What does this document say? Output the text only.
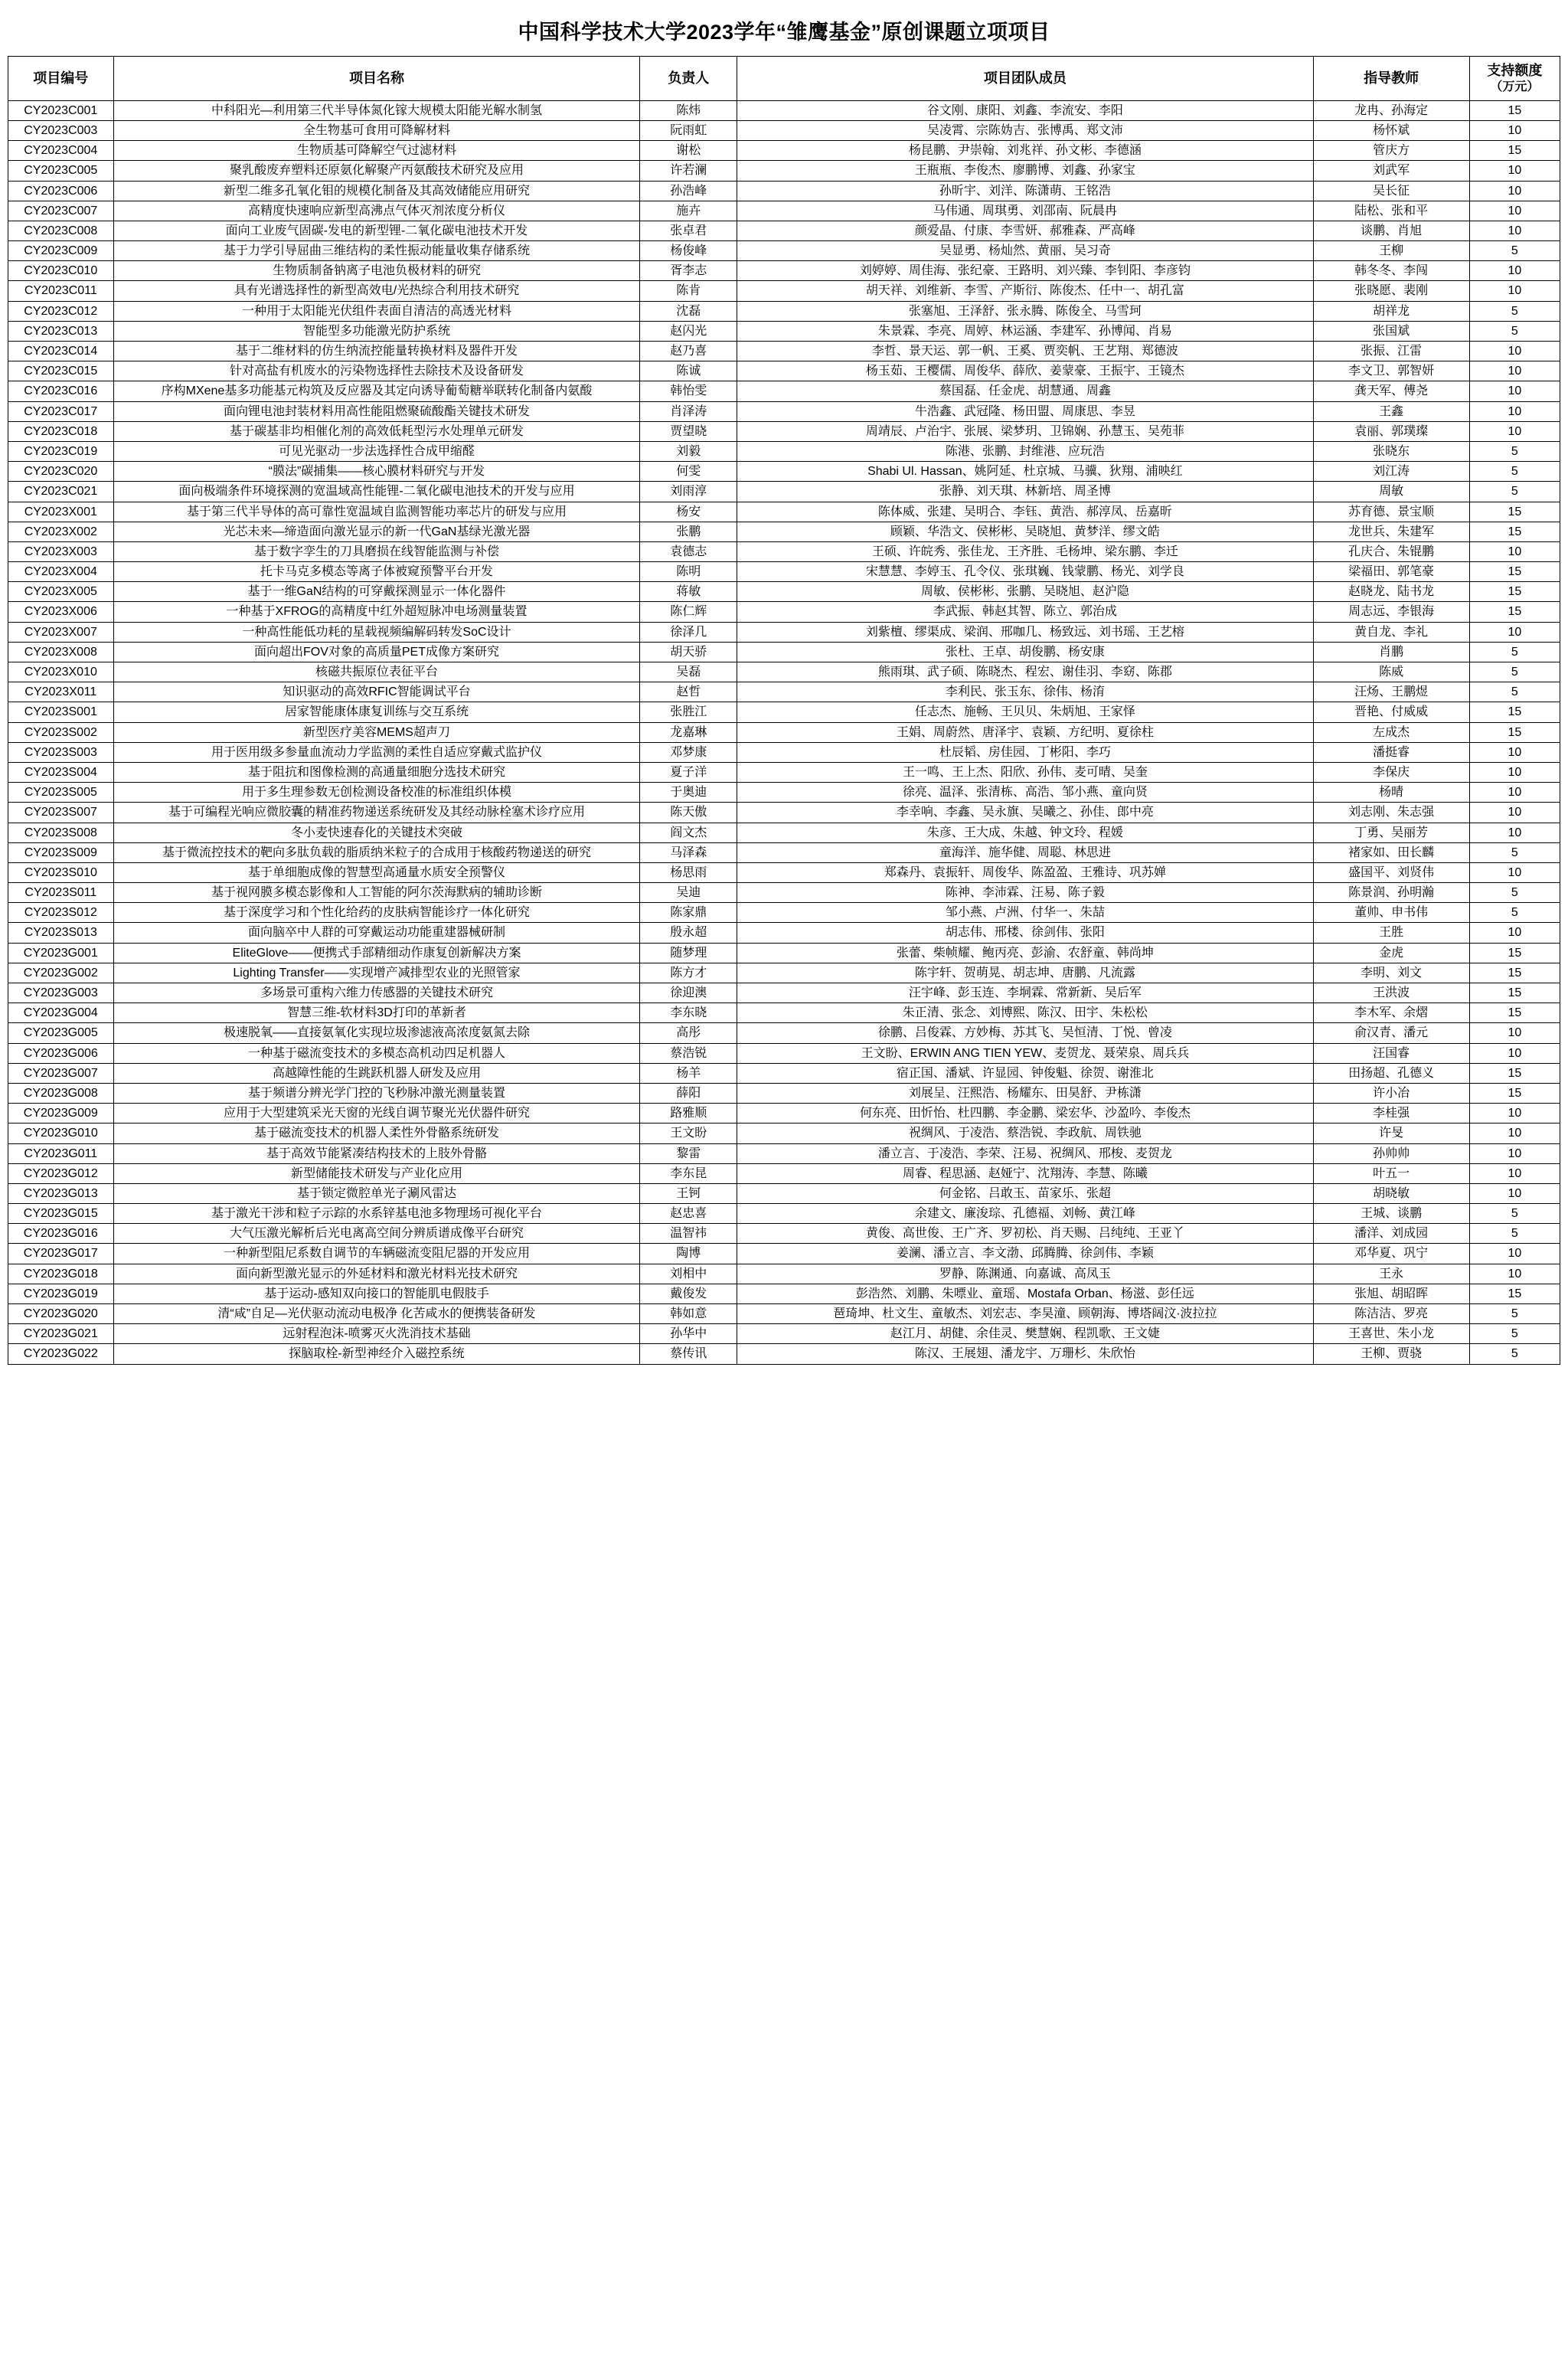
中国科学技术大学2023学年“雏鹰基金”原创课题立项项目
项目编号	项目名称	负责人	项目团队成员	指导教师	支持额度
（万元）

CY2023C001	中科阳光—利用第三代半导体氮化镓大规模太阳能光解水制氢	陈炜	谷文刚、康阳、刘鑫、李流安、李阳	龙冉、孙海定	15
CY2023C003	全生物基可食用可降解材料	阮雨虹	吴凌霄、宗陈妫吉、张博禹、郑文沛	杨怀斌	10
CY2023C004	生物质基可降解空气过滤材料	谢松	杨昆鹏、尹崇翰、刘兆祥、孙文彬、李德涵	管庆方	15
CY2023C005	聚乳酸废弃塑料还原氨化解聚产丙氨酸技术研究及应用	许若澜	王瓶瓶、李俊杰、廖鹏博、刘鑫、孙家宝	刘武军	10
CY2023C006	新型二维多孔氧化钼的规模化制备及其高效储能应用研究	孙浩峰	孙昕宇、刘洋、陈潇萌、王铭浩	吴长征	10
CY2023C007	高精度快速响应新型高沸点气体灭剂浓度分析仪	施卉	马伟通、周琪勇、刘邵南、阮晨冉	陆松、张和平	10
CY2023C008	面向工业废气固碳-发电的新型锂-二氧化碳电池技术开发	张卓君	颜爱晶、付康、李雪妍、郝雅森、严高峰	谈鹏、肖旭	10
CY2023C009	基于力学引导屈曲三维结构的柔性振动能量收集存储系统	杨俊峰	吴显勇、杨灿然、黄丽、吴习奇	王柳	5
CY2023C010	生物质制备钠离子电池负极材料的研究	胥李志	刘婷婷、周佳海、张纪豪、王路明、刘兴臻、李钊阳、李彦钧	韩冬冬、李闯	10
CY2023C011	具有光谱选择性的新型高效电/光热综合利用技术研究	陈肯	胡天祥、刘维新、李雪、产斯衍、陈俊杰、任中一、胡孔富	张晓愿、裴刚	10
CY2023C012	一种用于太阳能光伏组件表面自清洁的高透光材料	沈磊	张塞旭、王泽舒、张永腾、陈俊全、马雪珂	胡祥龙	5
CY2023C013	智能型多功能激光防护系统	赵闪光	朱景霖、李亮、周婷、林运涵、李建军、孙博闻、肖易	张国斌	5
CY2023C014	基于二维材料的仿生纳流控能量转换材料及器件开发	赵乃喜	李哲、景天运、郭一帆、王奚、贾奕帆、王艺翔、郑德波	张振、江雷	10
CY2023C015	针对高盐有机废水的污染物选择性去除技术及设备研发	陈诚	杨玉茹、王樱儒、周俊华、薛欣、姜蒙豪、王振宇、王镜杰	李文卫、郭智妍	10
CY2023C016	序构MXene基多功能基元构筑及反应器及其定向诱导葡萄糖举联转化制备内氨酸	韩怡雯	蔡国磊、任金虎、胡慧通、周鑫	龚天军、傅尧	10
CY2023C017	面向锂电池封装材料用高性能阻燃聚硫酸酯关键技术研发	肖泽涛	牛浩鑫、武冠隆、杨田盟、周康思、李昱	王鑫	10
CY2023C018	基于碳基非均相催化剂的高效低耗型污水处理单元研发	贾望晓	周靖辰、卢治宇、张展、梁梦玥、卫锦娴、孙慧玉、吴苑菲	袁丽、郭璞璨	10
CY2023C019	可见光驱动一步法选择性合成甲缩醛	刘毅	陈港、张鹏、封维港、应玩浩	张晓东	5
CY2023C020	“膜法”碳捕集——核心膜材料研究与开发	何雯	Shabi Ul. Hassan、姚阿延、杜京城、马骥、狄翔、浦映红	刘江涛	5
CY2023C021	面向极端条件环境探测的宽温域高性能锂-二氧化碳电池技术的开发与应用	刘雨淳	张静、刘天琪、林新培、周圣博	周敏	5
CY2023X001	基于第三代半导体的高可靠性宽温域自监测智能功率芯片的研发与应用	杨安	陈体威、张建、吴明合、李钰、黄浩、郝淳凤、岳嘉昕	苏育德、景宝顺	15
CY2023X002	光芯未来—缔造面向激光显示的新一代GaN基绿光激光器	张鹏	顾颖、华浩文、侯彬彬、吴晓旭、黄梦洋、缪文皓	龙世兵、朱建军	15
CY2023X003	基于数字孪生的刀具磨损在线智能监测与补偿	袁德志	王硕、许皖秀、张佳龙、王齐胜、毛杨坤、梁东鹏、李迁	孔庆合、朱锟鹏	10
CY2023X004	托卡马克多模态等离子体被窥预警平台开发	陈明	宋慧慧、李婷玉、孔令仪、张琪巍、钱蒙鹏、杨光、刘学良	梁福田、郭笔豪	15
CY2023X005	基于一维GaN结构的可穿戴探测显示一体化器件	蒋敏	周敏、侯彬彬、张鹏、吴晓旭、赵沪隐	赵晓龙、陆书龙	15
CY2023X006	一种基于XFROG的高精度中红外超短脉冲电场测量装置	陈仁辉	李武振、韩赵其智、陈立、郭治成	周志远、李银海	15
CY2023X007	一种高性能低功耗的星载视频编解码转发SoC设计	徐泽几	刘紫檀、缪渠成、梁润、邢咖几、杨致远、刘书瑶、王艺榕	黄自龙、李礼	10
CY2023X008	面向超出FOV对象的高质量PET成像方案研究	胡天骄	张杜、王卓、胡俊鹏、杨安康	肖鹏	5
CY2023X010	核磁共振原位表征平台	吴磊	熊雨琪、武子硕、陈晓杰、程宏、谢佳羽、李窈、陈郡	陈威	5
CY2023X011	知识驱动的高效RFIC智能调试平台	赵哲	李利民、张玉东、徐伟、杨淯	汪炀、王鹏煜	5
CY2023S001	居家智能康体康复训练与交互系统	张胜江	任志杰、施畅、王贝贝、朱炳旭、王家怿	晋艳、付威威	15
CY2023S002	新型医疗美容MEMS超声刀	龙嘉琳	王娟、周蔚然、唐泽宇、袁颖、方纪明、夏徐柱	左成杰	15
CY2023S003	用于医用级多参量血流动力学监测的柔性自适应穿戴式监护仪	邓梦康	杜辰韬、房佳园、丁彬阳、李巧	潘挺睿	10
CY2023S004	基于阻抗和图像检测的高通量细胞分选技术研究	夏子洋	王一鸣、王上杰、阳欣、孙伟、麦可晴、吴奎	李保庆	10
CY2023S005	用于多生理参数无创检测设备校准的标准组织体模	于奥迪	徐亮、温泽、张清栋、高浩、邹小燕、童向贤	杨晴	10
CY2023S007	基于可编程光响应微胶囊的精准药物递送系统研发及其经动脉栓塞术诊疗应用	陈天傲	李幸响、李鑫、吴永旗、吴曦之、孙佳、郎中亮	刘志刚、朱志强	10
CY2023S008	冬小麦快速春化的关键技术突破	阎文杰	朱彦、王大成、朱越、钟文玲、程媛	丁勇、吴丽芳	10
CY2023S009	基于微流控技术的靶向多肽负载的脂质纳米粒子的合成用于核酸药物递送的研究	马泽森	童海洋、施华健、周聪、林思进	褚家如、田长麟	5
CY2023S010	基于单细胞成像的智慧型高通量水质安全预警仪	杨思雨	郑森丹、袁振轩、周俊华、陈盈盈、王雅诗、巩苏婵	盛国平、刘贤伟	10
CY2023S011	基于视网膜多模态影像和人工智能的阿尔茨海默病的辅助诊断	吴迪	陈神、李沛霖、汪易、陈子毅	陈景润、孙明瀚	5
CY2023S012	基于深度学习和个性化给药的皮肤病智能诊疗一体化研究	陈家鼎	邹小燕、卢洲、付华一、朱喆	董帅、申书伟	5
CY2023S013	面向脑卒中人群的可穿戴运动功能重建器械研制	殷永超	胡志伟、邢楼、徐剑伟、张阳	王胜	10
CY2023G001	EliteGlove——便携式手部精细动作康复创新解决方案	随梦理	张蕾、柴帧耀、鲍丙亮、彭渝、农舒童、韩尚坤	金虎	15
CY2023G002	Lighting Transfer——实现增产减排型农业的光照管家	陈方才	陈宇轩、贺萌晃、胡志坤、唐鹏、凡流露	李明、刘文	15
CY2023G003	多场景可重构六维力传感器的关键技术研究	徐迎澳	汪宇峰、彭玉连、李垌霖、常新新、吴后军	王洪波	15
CY2023G004	智慧三维-软材料3D打印的革新者	李东晓	朱正清、张念、刘博熙、陈汉、田宇、朱松松	李木军、余熠	15
CY2023G005	极速脱氧——直接氨氧化实现垃圾渗滤液高浓度氨氮去除	高彤	徐鹏、吕俊霖、方妙梅、苏其飞、吴恒清、丁悦、曾凌	俞汉青、潘元	10
CY2023G006	一种基于磁流变技术的多模态高机动四足机器人	蔡浩锐	王文盼、ERWIN ANG TIEN YEW、麦贺龙、聂荣泉、周兵兵	汪国睿	10
CY2023G007	高越障性能的生跳跃机器人研发及应用	杨羊	宿正国、潘斌、许显园、钟俊魁、徐贺、谢淮北	田扬超、孔德义	15
CY2023G008	基于频谱分辨光学门控的飞秒脉冲激光测量装置	薛阳	刘展呈、汪熙浩、杨耀东、田昊舒、尹栋潇	许小冶	15
CY2023G009	应用于大型建筑采光天窗的光线自调节聚光光伏器件研究	路雅顺	何东亮、田忻怡、杜四鹏、李金鹏、梁宏华、沙盈吟、李俊杰	李桂强	10
CY2023G010	基于磁流变技术的机器人柔性外骨骼系统研发	王文盼	祝绸风、于凌浩、蔡浩锐、李政航、周铁驰	许旻	10
CY2023G011	基于高效节能紧凑结构技术的上肢外骨骼	黎雷	潘立言、于凌浩、李荣、汪易、祝绸风、邢梭、麦贺龙	孙帅帅	10
CY2023G012	新型储能技术研发与产业化应用	李东昆	周睿、程思涵、赵娅宁、沈翔涛、李慧、陈曦	叶五一	10
CY2023G013	基于锁定微腔单光子涮风雷达	王钶	何金铭、吕敢玉、苗家乐、张超	胡晓敏	10
CY2023G015	基于激光干涉和粒子示踪的水系锌基电池多物理场可视化平台	赵忠喜	余建文、廉浚琮、孔德福、刘畅、黄江峰	王城、谈鹏	5
CY2023G016	大气压激光解析后光电离高空间分辨质谱成像平台研究	温智祎	黄俊、高世俊、王广齐、罗初松、肖天赐、吕纯纯、王亚丫	潘洋、刘成园	5
CY2023G017	一种新型阻尼系数自调节的车辆磁流变阻尼器的开发应用	陶博	姜澜、潘立言、李文渤、邱腾腾、徐剑伟、李颖	邓华夏、巩宁	10
CY2023G018	面向新型激光显示的外延材料和激光材料光技术研究	刘相中	罗静、陈渊通、向嘉诚、高凤玉	王永	10
CY2023G019	基于运动-感知双向接口的智能肌电假肢手	戴俊发	彭浩然、刘鹏、朱嘌业、童瑶、Mostafa Orban、杨滋、彭任远	张旭、胡昭晖	15
CY2023G020	清“咸”自足—光伏驱动流动电极净 化苦咸水的便携装备研发	韩如意	琶琦坤、杜文生、童敏杰、刘宏志、李昊潼、顾朝海、博塔阔汶·波拉拉	陈洁洁、罗亮	5
CY2023G021	远射程泡沫-喷雾灭火洗消技术基础	孙华中	赵江月、胡健、余佳灵、樊慧娴、程凯歌、王文婕	王喜世、朱小龙	5
CY2023G022	探脑取栓-新型神经介入磁控系统	蔡传讯	陈汉、王展翅、潘龙宇、万珊杉、朱欣怡	王柳、贾骁	5
